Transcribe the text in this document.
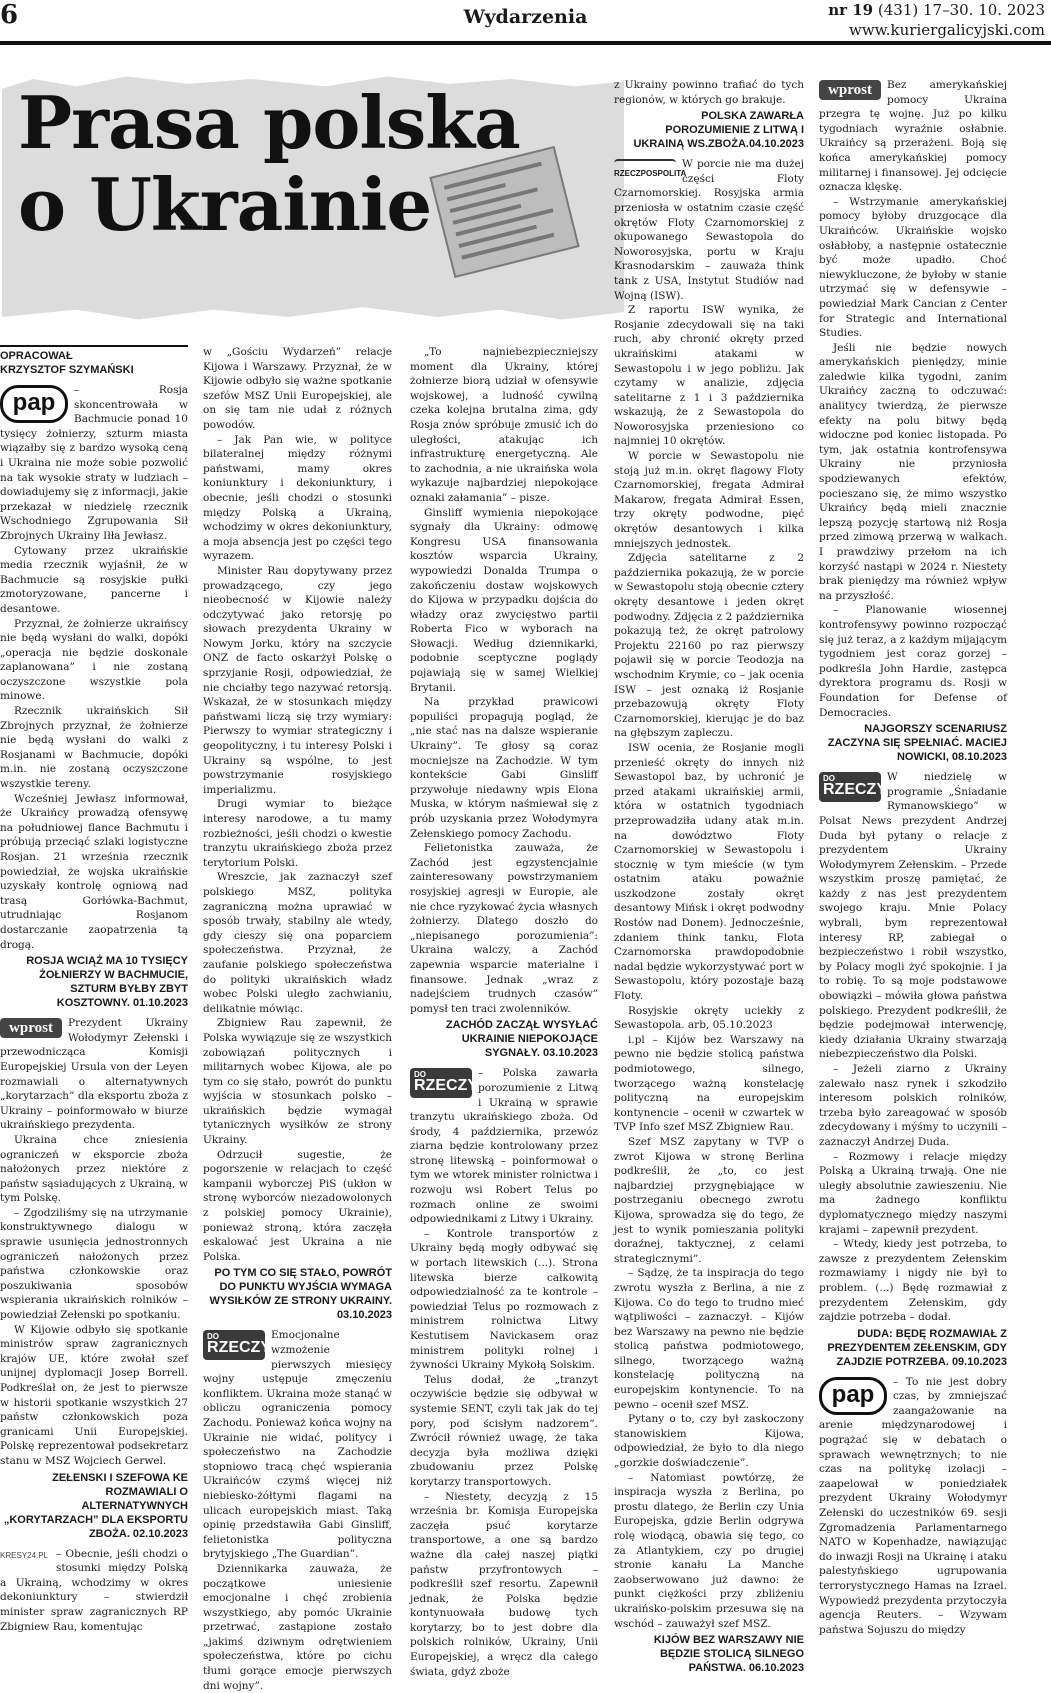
6	Wydarzenia	nr 19 (431) 17–30. 10. 2023
www.kuriergalicyjski.com
Prasa polska
o Ukrainie
OPRACOWAŁ
KRZYSZTOF SZYMAŃSKI
pap	– Rosja skoncentrowała w Bachmucie ponad 10 tysięcy żołnierzy, szturm miasta wiązałby się z bardzo wysoką ceną i Ukraina nie może sobie pozwolić na tak wysokie straty w ludziach – dowiadujemy się z informacji, jakie przekazał w niedzielę rzecznik Wschodniego Zgrupowania Sił Zbrojnych Ukrainy Iłła Jewłasz.

Cytowany przez ukraińskie media rzecznik wyjaśnił, że w Bachmucie są rosyjskie pułki zmotoryzowane, pancerne i desantowe.

Przyznał, że żołnierze ukraińscy nie będą wysłani do walki, dopóki „operacja nie będzie doskonale zaplanowana” i nie zostaną oczyszczone wszystkie pola minowe.

Rzecznik ukraińskich Sił Zbrojnych przyznał, że żołnierze nie będą wysłani do walki z Rosjanami w Bachmucie, dopóki m.in. nie zostaną oczyszczone wszystkie tereny.

Wcześniej Jewłasz informował, że Ukraińcy prowadzą ofensywę na południowej flance Bachmutu i próbują przeciąć szlaki logistyczne Rosjan. 21 września rzecznik powiedział, że wojska ukraińskie uzyskały kontrolę ogniową nad trasą Gorłówka-Bachmut, utrudniając Rosjanom dostarczanie zaopatrzenia tą drogą.

ROSJA WCIĄŻ MA 10 TYSIĘCY ŻOŁNIERZY W BACHMUCIE, SZTURM BYŁBY ZBYT KOSZTOWNY. 01.10.2023
wprost	Prezydent Ukrainy Wołodymyr Zełenski i przewodnicząca Komisji Europejskiej Ursula von der Leyen rozmawiali o alternatywnych „korytarzach” dla eksportu zboża z Ukrainy – poinformowało w biurze ukraińskiego prezydenta.

Ukraina chce zniesienia ograniczeń w eksporcie zboża nałożonych przez niektóre z państw sąsiadujących z Ukrainą, w tym Polskę.

– Zgodziliśmy się na utrzymanie konstruktywnego dialogu w sprawie usunięcia jednostronnych ograniczeń nałożonych przez państwa członkowskie oraz poszukiwania sposobów wspierania ukraińskich rolników – powiedział Zełenski po spotkaniu.

W Kijowie odbyło się spotkanie ministrów spraw zagranicznych krajów UE, które zwołał szef unijnej dyplomacji Josep Borrell. Podkreślał on, że jest to pierwsze w historii spotkanie wszystkich 27 państw członkowskich poza granicami Unii Europejskiej. Polskę reprezentował podsekretarz stanu w MSZ Wojciech Gerwel.

ZEŁENSKI I SZEFOWA KE ROZMAWIALI O ALTERNATYWNYCH „KORYTARZACH” DLA EKSPORTU ZBOŻA. 02.10.2023
KRESY24.PL – Obecnie, jeśli chodzi o stosunki między Polską a Ukrainą, wchodzimy w okres dekoniunktury – stwierdził minister spraw zagranicznych RP Zbigniew Rau, komentując

w „Gościu Wydarzeń” relacje Kijowa i Warszawy. Przyznał, że w Kijowie odbyło się ważne spotkanie szefów MSZ Unii Europejskiej, ale on się tam nie udał z różnych powodów.

– Jak Pan wie, w polityce bilateralnej między różnymi państwami, mamy okres koniunktury i dekoniunktury, i obecnie, jeśli chodzi o stosunki między Polską a Ukrainą, wchodzimy w okres dekoniunktury, a moja absencja jest po części tego wyrazem.

Minister Rau dopytywany przez prowadzącego, czy jego nieobecność w Kijowie należy odczytywać jako retorsję po słowach prezydenta Ukrainy w Nowym Jorku, który na szczycie ONZ de facto oskarżył Polskę o sprzyjanie Rosji, odpowiedział, że nie chciałby tego nazywać retorsją. Wskazał, że w stosunkach między państwami liczą się trzy wymiary: Pierwszy to wymiar strategiczny i geopolityczny, i tu interesy Polski i Ukrainy są wspólne, to jest powstrzymanie rosyjskiego imperializmu.

Drugi wymiar to bieżące interesy narodowe, a tu mamy rozbieżności, jeśli chodzi o kwestie tranzytu ukraińskiego zboża przez terytorium Polski.

Wreszcie, jak zaznaczył szef polskiego MSZ, polityka zagraniczną można uprawiać w sposób trwały, stabilny ale wtedy, gdy cieszy się ona poparciem społeczeństwa. Przyznał, że zaufanie polskiego społeczeństwa do polityki ukraińskich władz wobec Polski uległo zachwianiu, delikatnie mówiąc.

Zbigniew Rau zapewnił, że Polska wywiązuje się ze wszystkich zobowiązań politycznych i militarnych wobec Kijowa, ale po tym co się stało, powrót do punktu wyjścia w stosunkach polsko – ukraińskich będzie wymagał tytanicznych wysiłków ze strony Ukrainy.

Odrzucił sugestie, że pogorszenie w relacjach to część kampanii wyborczej PiS (ukłon w stronę wyborców niezadowolonych z polskiej pomocy Ukrainie), ponieważ stroną, która zaczęła eskalować jest Ukraina a nie Polska.

PO TYM CO SIĘ STAŁO, POWRÓT DO PUNKTU WYJŚCIA WYMAGA WYSIŁKÓW ZE STRONY UKRAINY. 03.10.2023
DO
RZECZY

Emocjonalne wzmożenie pierwszych miesięcy wojny ustępuje zmęczeniu konfliktem. Ukraina może stanąć w obliczu ograniczenia pomocy Zachodu. Ponieważ końca wojny na Ukrainie nie widać, politycy i społeczeństwo na Zachodzie stopniowo tracą chęć wspierania Ukraińców czymś więcej niż niebiesko-żółtymi flagami na ulicach europejskich miast. Taką opinię przedstawiła Gabi Ginsliff, felietonistka polityczna brytyjskiego „The Guardian”.

Dziennikarka zauważa, że początkowe uniesienie emocjonalne i chęć zrobienia wszystkiego, aby pomóc Ukrainie przetrwać, zastąpione zostało „jakimś dziwnym odrętwieniem społeczeństwa, które po cichu tłumi gorące emocje pierwszych dni wojny”.

„To najniebezpieczniejszy moment dla Ukrainy, której żołnierze biorą udział w ofensywie wojskowej, a ludność cywilną czeka kolejna brutalna zima, gdy Rosja znów spróbuje zmusić ich do uległości, atakując ich infrastrukturę energetyczną. Ale to zachodnia, a nie ukraińska wola wykazuje najbardziej niepokojące oznaki załamania” – pisze.

Ginsliff wymienia niepokojące sygnały dla Ukrainy: odmowę Kongresu USA finansowania kosztów wsparcia Ukrainy, wypowiedzi Donalda Trumpa o zakończeniu dostaw wojskowych do Kijowa w przypadku dojścia do władzy oraz zwycięstwo partii Roberta Fico w wyborach na Słowacji. Według dziennikarki, podobnie sceptyczne poglądy pojawiają się w samej Wielkiej Brytanii.

Na przykład prawicowi populiści propagują pogląd, że „nie stać nas na dalsze wspieranie Ukrainy”. Te głosy są coraz mocniejsze na Zachodzie. W tym kontekście Gabi Ginsliff przywołuje niedawny wpis Elona Muska, w którym naśmiewał się z prób uzyskania przez Wołodymyra Zełenskiego pomocy Zachodu.

Felietonistka zauważa, że Zachód jest egzystencjalnie zainteresowany powstrzymaniem rosyjskiej agresji w Europie, ale nie chce ryzykować życia własnych żołnierzy. Dlatego doszło do „niepisanego porozumienia”: Ukraina walczy, a Zachód zapewnia wsparcie materialne i finansowe. Jednak „wraz z nadejściem trudnych czasów” pomysł ten traci zwolenników.

ZACHÓD ZACZĄŁ WYSYŁAĆ UKRAINIE NIEPOKOJĄCE SYGNAŁY. 03.10.2023
DO
RZECZY

– Polska zawarła porozumienie z Litwą i Ukrainą w sprawie tranzytu ukraińskiego zboża. Od środy, 4 października, przewóz ziarna będzie kontrolowany przez stronę litewską – poinformował o tym we wtorek minister rolnictwa i rozwoju wsi Robert Telus po rozmach online ze swoimi odpowiednikami z Litwy i Ukrainy.

– Kontrole transportów z Ukrainy będą mogły odbywać się w portach litewskich (...). Strona litewska bierze całkowitą odpowiedzialność za te kontrole – powiedział Telus po rozmowach z ministrem rolnictwa Litwy Kestutisem Navickasem oraz ministrem polityki rolnej i żywności Ukrainy Mykołą Solskim.

Telus dodał, że „tranzyt oczywiście będzie się odbywał w systemie SENT, czyli tak jak do tej pory, pod ścisłym nadzorem”. Zwrócił również uwagę, że taka decyzja była możliwa dzięki zbudowaniu przez Polskę korytarzy transportowych.

– Niestety, decyzją z 15 września br. Komisja Europejska zaczęła psuć korytarze transportowe, a one są bardzo ważne dla całej naszej piątki państw przyfrontowych – podkreślił szef resortu. Zapewnił jednak, że Polska będzie kontynuowała budowę tych korytarzy, bo to jest dobre dla polskich rolników, Ukrainy, Unii Europejskiej, a wręcz dla całego świata, gdyż zboże

z Ukrainy powinno trafiać do tych regionów, w których go brakuje.

POLSKA ZAWARŁA POROZUMIENIE Z LITWĄ I UKRAINĄ WS.ZBOŻA.04.10.2023
RZECZPOSPOLITA

W porcie nie ma dużej części Floty Czarnomorskiej. Rosyjska armia przeniosła w ostatnim czasie część okrętów Floty Czarnomorskiej z okupowanego Sewastopola do Noworosyjska, portu w Kraju Krasnodarskim – zauważa think tank z USA, Instytut Studiów nad Wojną (ISW).

Z raportu ISW wynika, że Rosjanie zdecydowali się na taki ruch, aby chronić okręty przed ukraińskimi atakami w Sewastopolu i w jego pobliżu. Jak czytamy w analizie, zdjęcia satelitarne z 1 i 3 października wskazują, że z Sewastopola do Noworosyjska przeniesiono co najmniej 10 okrętów.

W porcie w Sewastopolu nie stoją już m.in. okręt flagowy Floty Czarnomorskiej, fregata Admirał Makarow, fregata Admirał Essen, trzy okręty podwodne, pięć okrętów desantowych i kilka mniejszych jednostek.

Zdjęcia satelitarne z 2 października pokazują, że w porcie w Sewastopolu stoją obecnie cztery okręty desantowe i jeden okręt podwodny. Zdjęcia z 2 października pokazują też, że okręt patrolowy Projektu 22160 po raz pierwszy pojawił się w porcie Teodozja na wschodnim Krymie, co – jak ocenia ISW – jest oznaką iż Rosjanie przebazowują okręty Floty Czarnomorskiej, kierując je do baz na głębszym zapleczu.

ISW ocenia, że Rosjanie mogli przenieść okręty do innych niż Sewastopol baz, by uchronić je przed atakami ukraińskiej armii, która w ostatnich tygodniach przeprowadziła udany atak m.in. na dowództwo Floty Czarnomorskiej w Sewastopolu i stocznię w tym mieście (w tym ostatnim ataku poważnie uszkodzone zostały okręt desantowy Mińsk i okręt podwodny Rostów nad Donem). Jednocześnie, zdaniem think tanku, Flota Czarnomorska prawdopodobnie nadal będzie wykorzystywać port w Sewastopolu, który pozostaje bazą Floty.

Rosyjskie okręty uciekły z Sewastopola. arb, 05.10.2023

i.pl – Kijów bez Warszawy na pewno nie będzie stolicą państwa podmiotowego, silnego, tworzącego ważną konstelację polityczną na europejskim kontynencie – ocenił w czwartek w TVP Info szef MSZ Zbigniew Rau.

Szef MSZ zapytany w TVP o zwrot Kijowa w stronę Berlina podkreślił, że „to, co jest najbardziej przygnębiające w postrzeganiu obecnego zwrotu Kijowa, sprowadza się do tego, że jest to wynik pomieszania polityki doraźnej, taktycznej, z celami strategicznymi”.

– Sądzę, że ta inspiracja do tego zwrotu wyszła z Berlina, a nie z Kijowa. Co do tego to trudno mieć wątpliwości – zaznaczył. – Kijów bez Warszawy na pewno nie będzie stolicą państwa podmiotowego, silnego, tworzącego ważną konstelację polityczną na europejskim kontynencie. To na pewno – ocenił szef MSZ.

Pytany o to, czy był zaskoczony stanowiskiem Kijowa, odpowiedział, że było to dla niego „gorzkie doświadczenie”.

– Natomiast powtórzę, że inspiracja wyszła z Berlina, po prostu dlatego, że Berlin czy Unia Europejska, gdzie Berlin odgrywa rolę wiodącą, obawia się tego, co za Atlantykiem, czy po drugiej stronie kanału La Manche zaobserwowano już dawno: że punkt ciężkości przy zbliżeniu ukraińsko-polskim przesuwa się na wschód – zauważył szef MSZ.

KIJÓW BEZ WARSZAWY NIE BĘDZIE STOLICĄ SILNEGO PAŃSTWA. 06.10.2023
wprost	Bez amerykańskiej pomocy Ukraina przegra tę wojnę. Już po kilku tygodniach wyraźnie osłabnie. Ukraińcy są przerażeni. Boją się końca amerykańskiej pomocy militarnej i finansowej. Jej odcięcie oznacza klęskę.

– Wstrzymanie amerykańskiej pomocy byłoby druzgocące dla Ukraińców. Ukraińskie wojsko osłabłoby, a następnie ostatecznie być może upadło. Choć niewykluczone, że byłoby w stanie utrzymać się w defensywie – powiedział Mark Cancian z Center for Strategic and International Studies.

Jeśli nie będzie nowych amerykańskich pieniędzy, minie zaledwie kilka tygodni, zanim Ukraińcy zaczną to odczuwać: analitycy twierdzą, że pierwsze efekty na polu bitwy będą widoczne pod koniec listopada. Po tym, jak ostatnia kontrofensywa Ukrainy nie przyniosła spodziewanych efektów, pocieszano się, że mimo wszystko Ukraińcy będą mieli znacznie lepszą pozycję startową niż Rosja przed zimową przerwą w walkach. I prawdziwy przełom na ich korzyść nastąpi w 2024 r. Niestety brak pieniędzy ma również wpływ na przyszłość.

– Planowanie wiosennej kontrofensywy powinno rozpocząć się już teraz, a z każdym mijającym tygodniem jest coraz gorzej – podkreśla John Hardie, zastępca dyrektora programu ds. Rosji w Foundation for Defense of Democracies.

NAJGORSZY SCENARIUSZ ZACZYNA SIĘ SPEŁNIAĆ. MACIEJ NOWICKI, 08.10.2023
DO
RZECZY

W niedzielę w programie „Śniadanie Rymanowskiego” w Polsat News prezydent Andrzej Duda był pytany o relacje z prezydentem Ukrainy Wołodymyrem Zełenskim. – Przede wszystkim proszę pamiętać, że każdy z nas jest prezydentem swojego kraju. Mnie Polacy wybrali, bym reprezentował interesy RP, zabiegał o bezpieczeństwo i robił wszystko, by Polacy mogli żyć spokojnie. I ja to robię. To są moje podstawowe obowiązki – mówiła głowa państwa polskiego. Prezydent podkreślił, że będzie podejmował interwencję, kiedy działania Ukrainy stwarzają niebezpieczeństwo dla Polski.

– Jeżeli ziarno z Ukrainy zalewało nasz rynek i szkodziło interesom polskich rolników, trzeba było zareagować w sposób zdecydowany i mýśmy to uczynili – zaznaczył Andrzej Duda.

– Rozmowy i relacje między Polską a Ukrainą trwają. One nie uległy absolutnie zawieszeniu. Nie ma żadnego konfliktu dyplomatycznego między naszymi krajami – zapewnił prezydent.

– Wtedy, kiedy jest potrzeba, to zawsze z prezydentem Zełenskim rozmawiamy i nigdy nie był to problem. (...) Będę rozmawiał z prezydentem Zełenskim, gdy zajdzie potrzeba – dodał.

DUDA: BĘDĘ ROZMAWIAŁ Z PREZYDENTEM ZEŁENSKIM, GDY ZAJDZIE POTRZEBA. 09.10.2023
pap	– To nie jest dobry czas, by zmniejszać zaangażowanie na arenie międzynarodowej i pogrążać się w debatach o sprawach wewnętrznych; to nie czas na politykę izolacji – zaapelował w poniedziałek prezydent Ukrainy Wołodymyr Zełenski do uczestników 69. sesji Zgromadzenia Parlamentarnego NATO w Kopenhadze, nawiązując do inwazji Rosji na Ukrainę i ataku palestyńskiego ugrupowania terrorystycznego Hamas na Izrael. Wypowiedź prezydenta przytoczyła agencja Reuters. – Wzywam państwa Sojuszu do między
